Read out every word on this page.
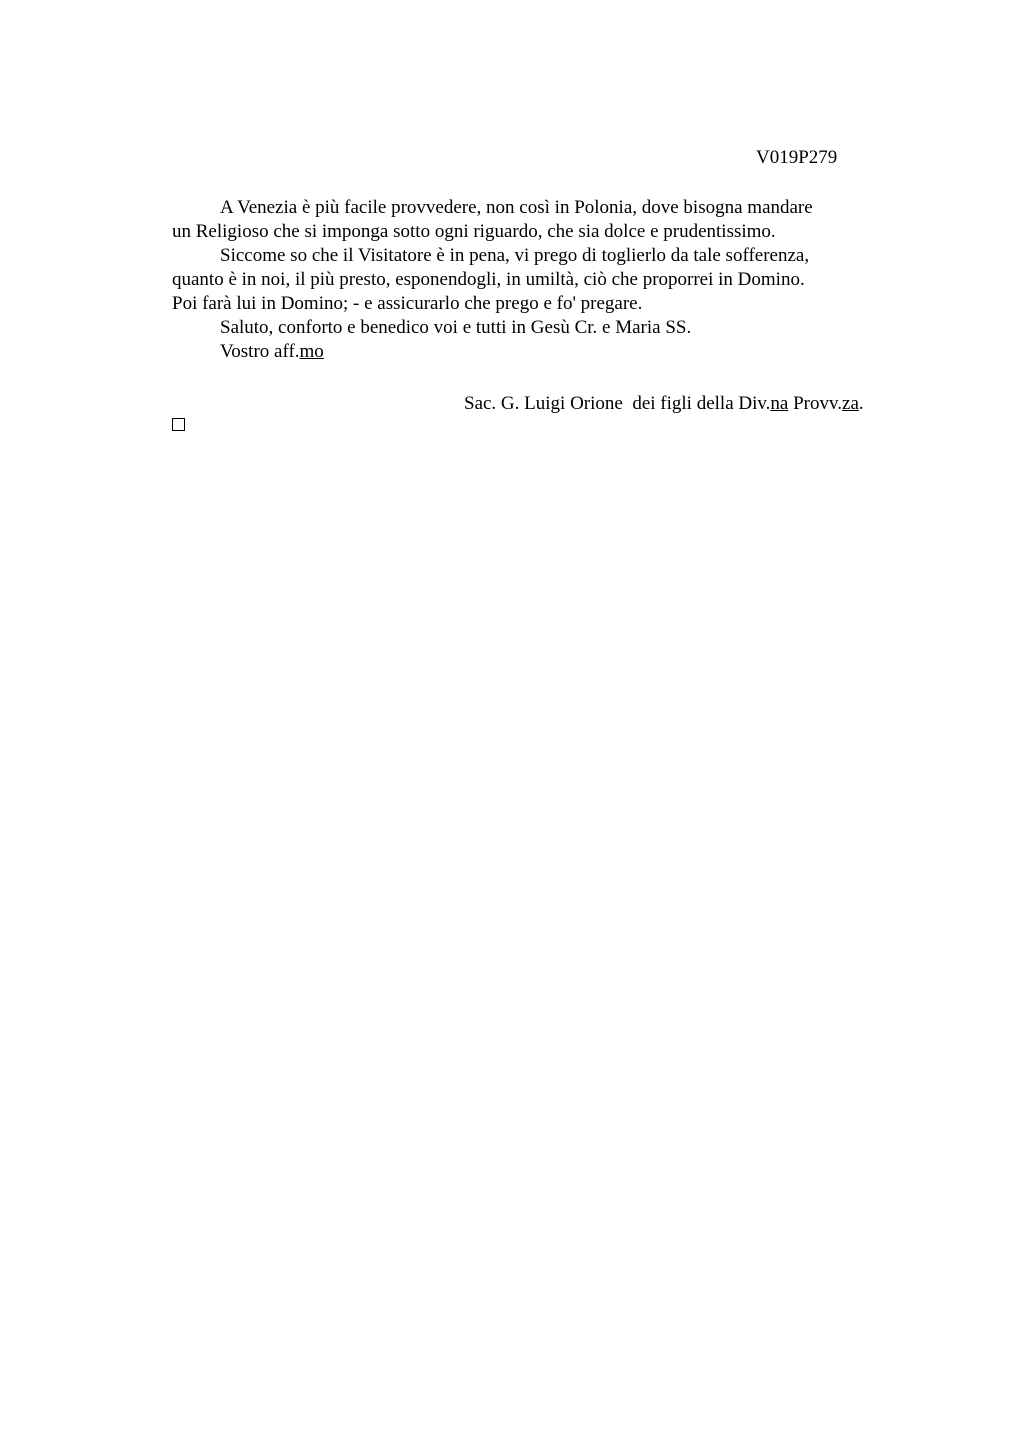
V019P279
A Venezia è più facile provvedere, non così in Polonia, dove bisogna mandare
un Religioso che si imponga sotto ogni riguardo, che sia dolce e prudentissimo.
Siccome so che il Visitatore è in pena, vi prego di toglierlo da tale sofferenza,
quanto è in noi, il più presto, esponendogli, in umiltà, ciò che proporrei in Domino.
Poi farà lui in Domino; - e assicurarlo che prego e fo' pregare.
Saluto, conforto e benedico voi e tutti in Gesù Cr. e Maria SS.
Vostro aff.mo
Sac. G. Luigi Orione  dei figli della Div.na Provv.za.
